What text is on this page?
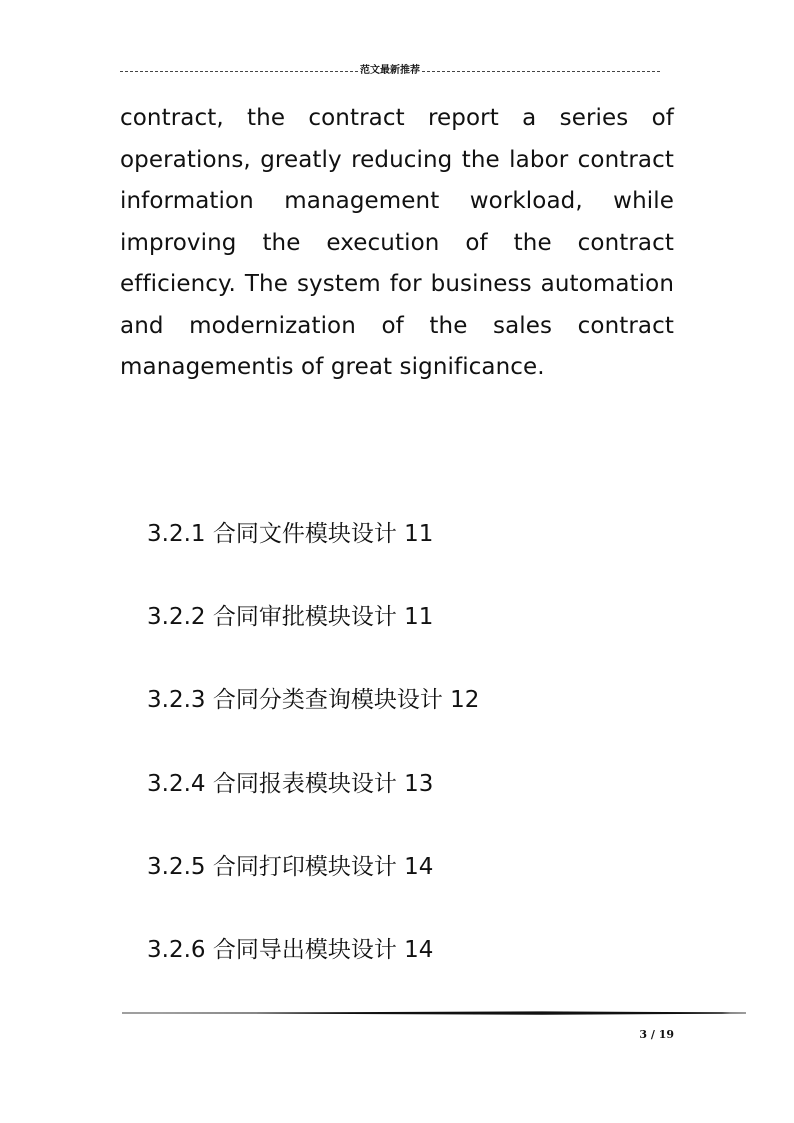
范文最新推荐
contract, the contract report a series of
operations, greatly reducing the labor contract
information management workload, while
improving the execution of the contract
efficiency. The system for business automation
and modernization of the sales contract
managementis of great significance.
3.2.1 合同文件模块设计 11
3.2.2 合同审批模块设计 11
3.2.3 合同分类查询模块设计 12
3.2.4 合同报表模块设计 13
3.2.5 合同打印模块设计 14
3.2.6 合同导出模块设计 14
3 / 19
